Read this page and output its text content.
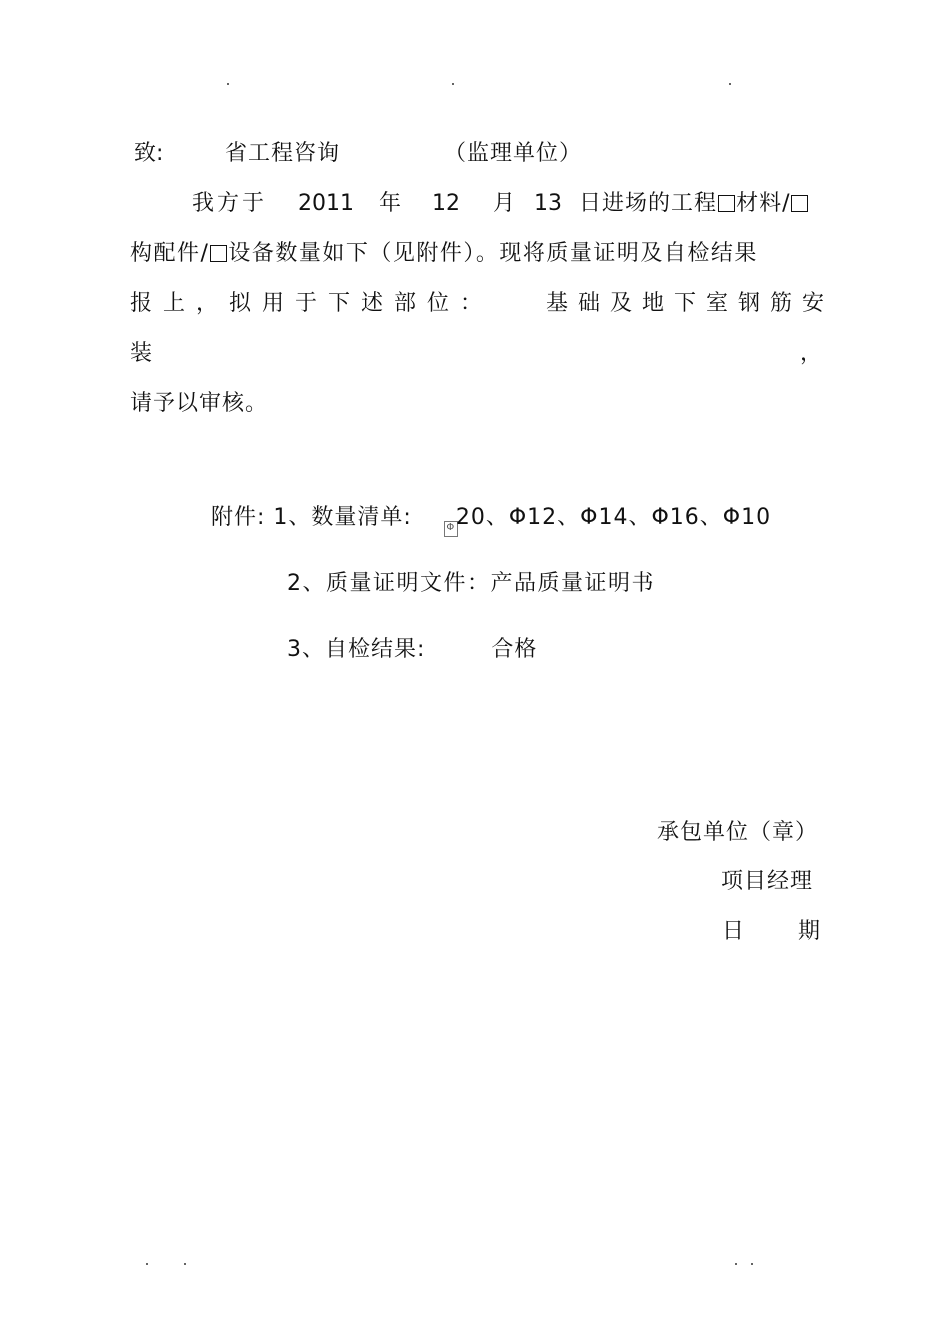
致:	省工程咨询	（监理单位）
我方于 2011 年 12 月 13 日进场的工程 材料/
构配件/ 设备数量如下（见附件）。现将质量证明及自检结果
报上，拟用于下述部位： 基础及地下室钢筋安
装	，
请予以审核。
附件: 1、数量清单:	Φ20、Φ12、Φ14、Φ16、Φ10
2、质量证明文件：产品质量证明书
3、自检结果:	合格
承包单位（章）
项目经理
日 期
